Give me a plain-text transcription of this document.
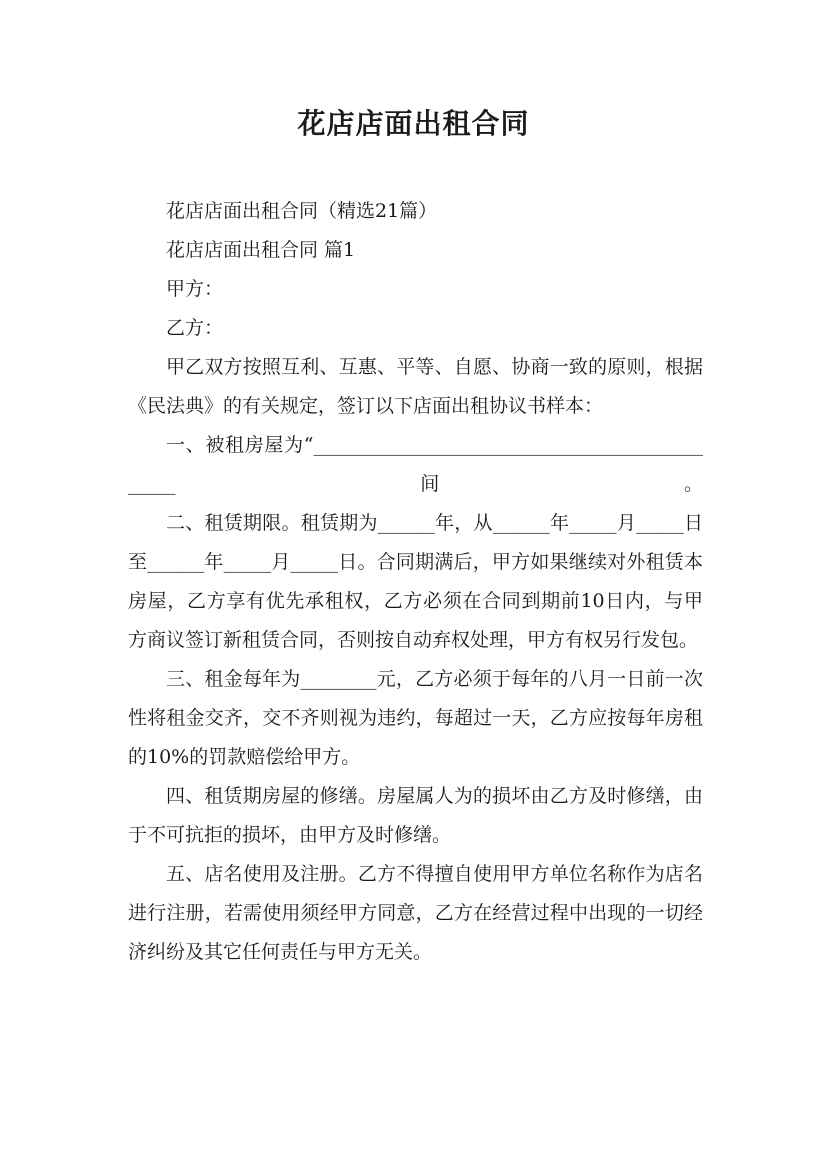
花店店面出租合同

花店店面出租合同（精选21篇）

花店店面出租合同 篇1

甲方：

乙方：

甲乙双方按照互利、互惠、平等、自愿、协商一致的原则，根据《民法典》的有关规定，签订以下店面出租协议书样本：

一、被租房屋为“______________________________________________间。

二、租赁期限。租赁期为______年，从______年_____月_____日至______年_____月_____日。合同期满后，甲方如果继续对外租赁本房屋，乙方享有优先承租权，乙方必须在合同到期前10日内，与甲方商议签订新租赁合同，否则按自动弃权处理，甲方有权另行发包。

三、租金每年为________元，乙方必须于每年的八月一日前一次性将租金交齐，交不齐则视为违约，每超过一天，乙方应按每年房租的10%的罚款赔偿给甲方。

四、租赁期房屋的修缮。房屋属人为的损坏由乙方及时修缮，由于不可抗拒的损坏，由甲方及时修缮。

五、店名使用及注册。乙方不得擅自使用甲方单位名称作为店名进行注册，若需使用须经甲方同意，乙方在经营过程中出现的一切经济纠纷及其它任何责任与甲方无关。
